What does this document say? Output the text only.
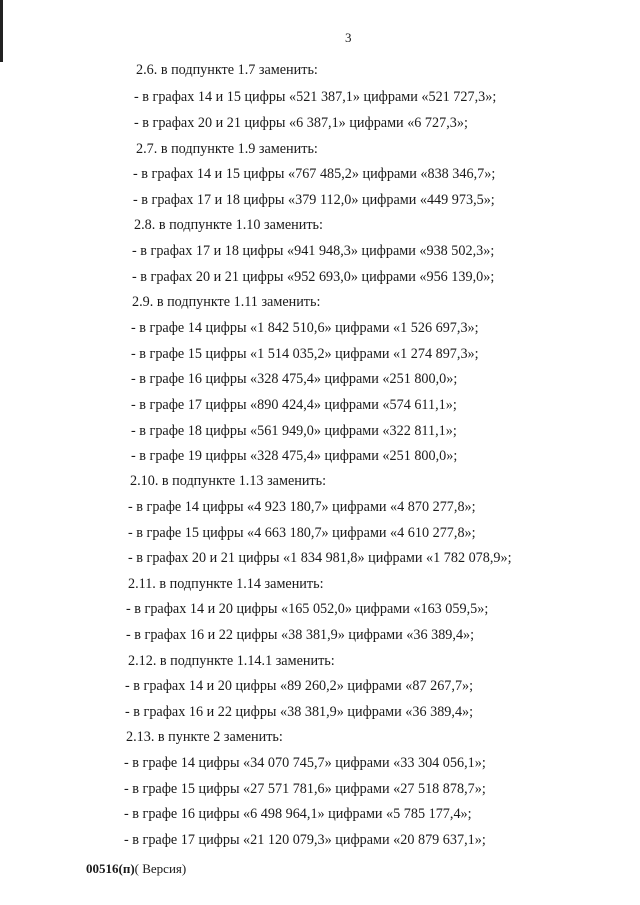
3
2.6. в подпункте 1.7 заменить:
- в графах 14 и 15 цифры «521 387,1» цифрами «521 727,3»;
- в графах 20 и 21 цифры «6 387,1» цифрами «6 727,3»;
2.7. в подпункте 1.9 заменить:
- в графах 14 и 15 цифры «767 485,2» цифрами «838 346,7»;
- в графах 17 и 18 цифры «379 112,0» цифрами «449 973,5»;
2.8. в подпункте 1.10 заменить:
- в графах 17 и 18 цифры «941 948,3» цифрами «938 502,3»;
- в графах 20 и 21 цифры «952 693,0» цифрами «956 139,0»;
2.9. в подпункте 1.11 заменить:
- в графе 14 цифры «1 842 510,6» цифрами «1 526 697,3»;
- в графе 15 цифры «1 514 035,2» цифрами «1 274 897,3»;
- в графе 16 цифры «328 475,4» цифрами «251 800,0»;
- в графе 17 цифры «890 424,4» цифрами «574 611,1»;
- в графе 18 цифры «561 949,0» цифрами «322 811,1»;
- в графе 19 цифры «328 475,4» цифрами «251 800,0»;
2.10. в подпункте 1.13 заменить:
- в графе 14 цифры «4 923 180,7» цифрами «4 870 277,8»;
- в графе 15 цифры «4 663 180,7» цифрами «4 610 277,8»;
- в графах 20 и 21 цифры «1 834 981,8» цифрами «1 782 078,9»;
2.11. в подпункте 1.14 заменить:
- в графах 14 и 20 цифры «165 052,0» цифрами «163 059,5»;
- в графах 16 и 22 цифры «38 381,9» цифрами «36 389,4»;
2.12. в подпункте 1.14.1 заменить:
- в графах 14 и 20 цифры «89 260,2» цифрами «87 267,7»;
- в графах 16 и 22 цифры «38 381,9» цифрами «36 389,4»;
2.13. в пункте 2 заменить:
- в графе 14 цифры «34 070 745,7» цифрами «33 304 056,1»;
- в графе 15 цифры «27 571 781,6» цифрами «27 518 878,7»;
- в графе 16 цифры «6 498 964,1» цифрами «5 785 177,4»;
- в графе 17 цифры «21 120 079,3» цифрами «20 879 637,1»;
00516(п)( Версия)
